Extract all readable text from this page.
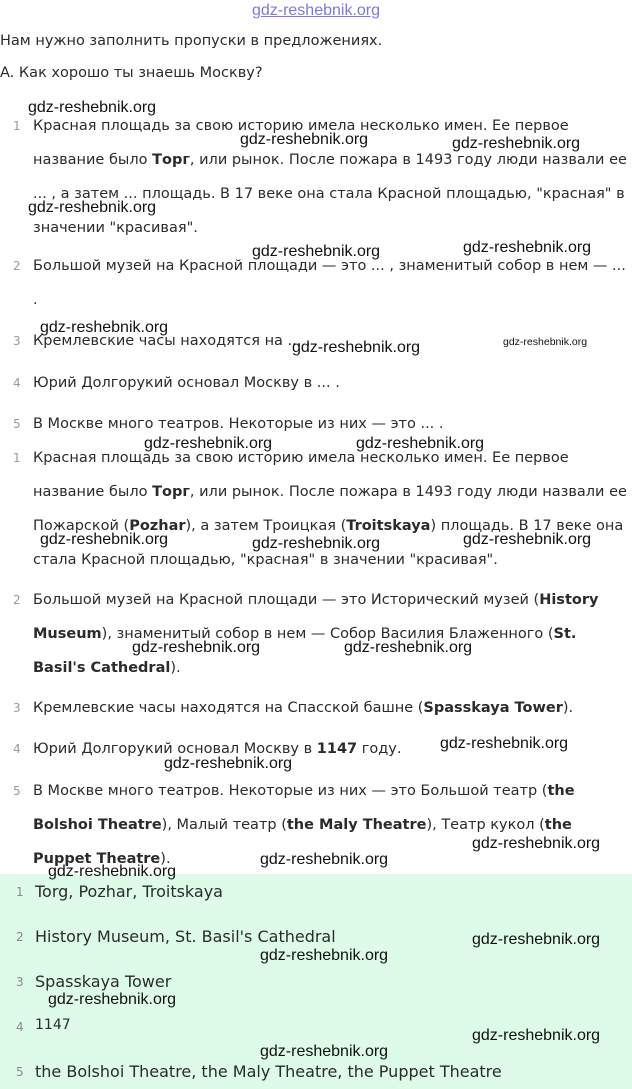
gdz-reshebnik.org
Нам нужно заполнить пропуски в предложениях.
A. Как хорошо ты знаешь Москву?
1 Красная площадь за свою историю имела несколько имен. Ее первое название было Торг, или рынок. После пожара в 1493 году люди назвали ее ... , а затем ... площадь. В 17 веке она стала Красной площадью, "красная" в значении "красивая".
2 Большой музей на Красной площади — это ... , знаменитый собор в нем — ... .
3 Кремлевские часы находятся на ... .
4 Юрий Долгорукий основал Москву в ... .
5 В Москве много театров. Некоторые из них — это ... .
1 Красная площадь за свою историю имела несколько имен. Ее первое название было Торг, или рынок. После пожара в 1493 году люди назвали ее Пожарской (Pozhar), а затем Троицкая (Troitskaya) площадь. В 17 веке она стала Красной площадью, "красная" в значении "красивая".
2 Большой музей на Красной площади — это Исторический музей (History Museum), знаменитый собор в нем — Собор Василия Блаженного (St. Basil's Cathedral).
3 Кремлевские часы находятся на Спасской башне (Spasskaya Tower).
4 Юрий Долгорукий основал Москву в 1147 году.
5 В Москве много театров. Некоторые из них — это Большой театр (the Bolshoi Theatre), Малый театр (the Maly Theatre), Театр кукол (the Puppet Theatre).
1 Torg, Pozhar, Troitskaya
2 History Museum, St. Basil's Cathedral
3 Spasskaya Tower
4 1147
5 the Bolshoi Theatre, the Maly Theatre, the Puppet Theatre
gdz-reshebnik.org
gdz-reshebnik.org	gdz-reshebnik.org
gdz-reshebnik.org
gdz-reshebnik.org	gdz-reshebnik.org
gdz-reshebnik.org
gdz-reshebnik.org	gdz-reshebnik.org
gdz-reshebnik.org	gdz-reshebnik.org
gdz-reshebnik.org	gdz-reshebnik.org	gdz-reshebnik.org
gdz-reshebnik.org	gdz-reshebnik.org
gdz-reshebnik.org
gdz-reshebnik.org
gdz-reshebnik.org
gdz-reshebnik.org
gdz-reshebnik.org
gdz-reshebnik.org
gdz-reshebnik.org
gdz-reshebnik.org
gdz-reshebnik.org
gdz-reshebnik.org
